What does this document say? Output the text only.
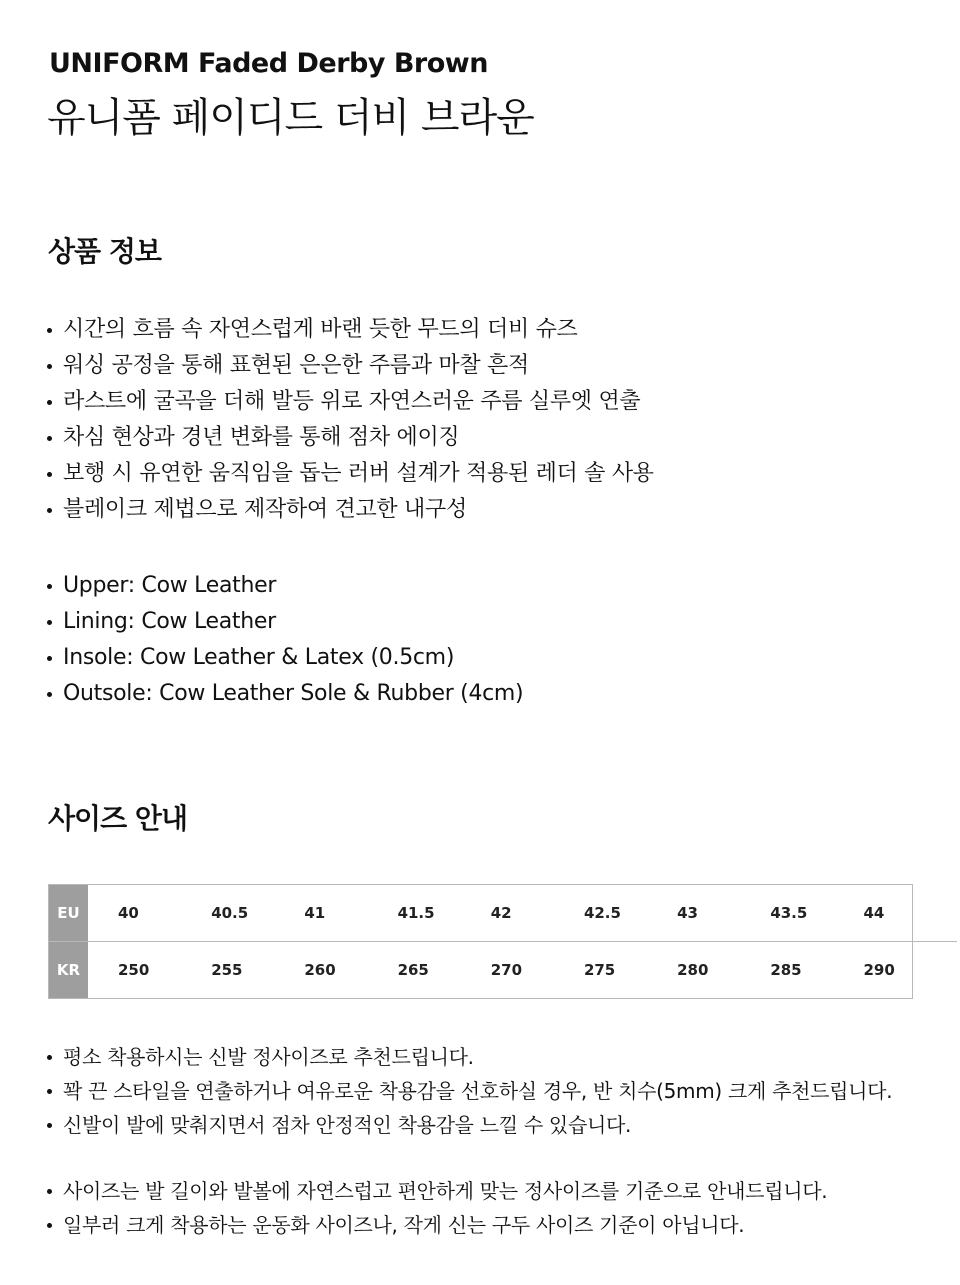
UNIFORM Faded Derby Brown
유니폼 페이디드 더비 브라운
상품 정보
시간의 흐름 속 자연스럽게 바랜 듯한 무드의 더비 슈즈
워싱 공정을 통해 표현된 은은한 주름과 마찰 흔적
라스트에 굴곡을 더해 발등 위로 자연스러운 주름 실루엣 연출
차심 현상과 경년 변화를 통해 점차 에이징
보행 시 유연한 움직임을 돕는 러버 설계가 적용된 레더 솔 사용
블레이크 제법으로 제작하여 견고한 내구성
Upper: Cow Leather
Lining: Cow Leather
Insole: Cow Leather & Latex (0.5cm)
Outsole: Cow Leather Sole & Rubber (4cm)
사이즈 안내
EU	40	40.5	41	41.5	42	42.5	43	43.5	44
KR	250	255	260	265	270	275	280	285	290
평소 착용하시는 신발 정사이즈로 추천드립니다.
꽉 끈 스타일을 연출하거나 여유로운 착용감을 선호하실 경우, 반 치수(5mm) 크게 추천드립니다.
신발이 발에 맞춰지면서 점차 안정적인 착용감을 느낄 수 있습니다.
사이즈는 발 길이와 발볼에 자연스럽고 편안하게 맞는 정사이즈를 기준으로 안내드립니다.
일부러 크게 착용하는 운동화 사이즈나, 작게 신는 구두 사이즈 기준이 아닙니다.
